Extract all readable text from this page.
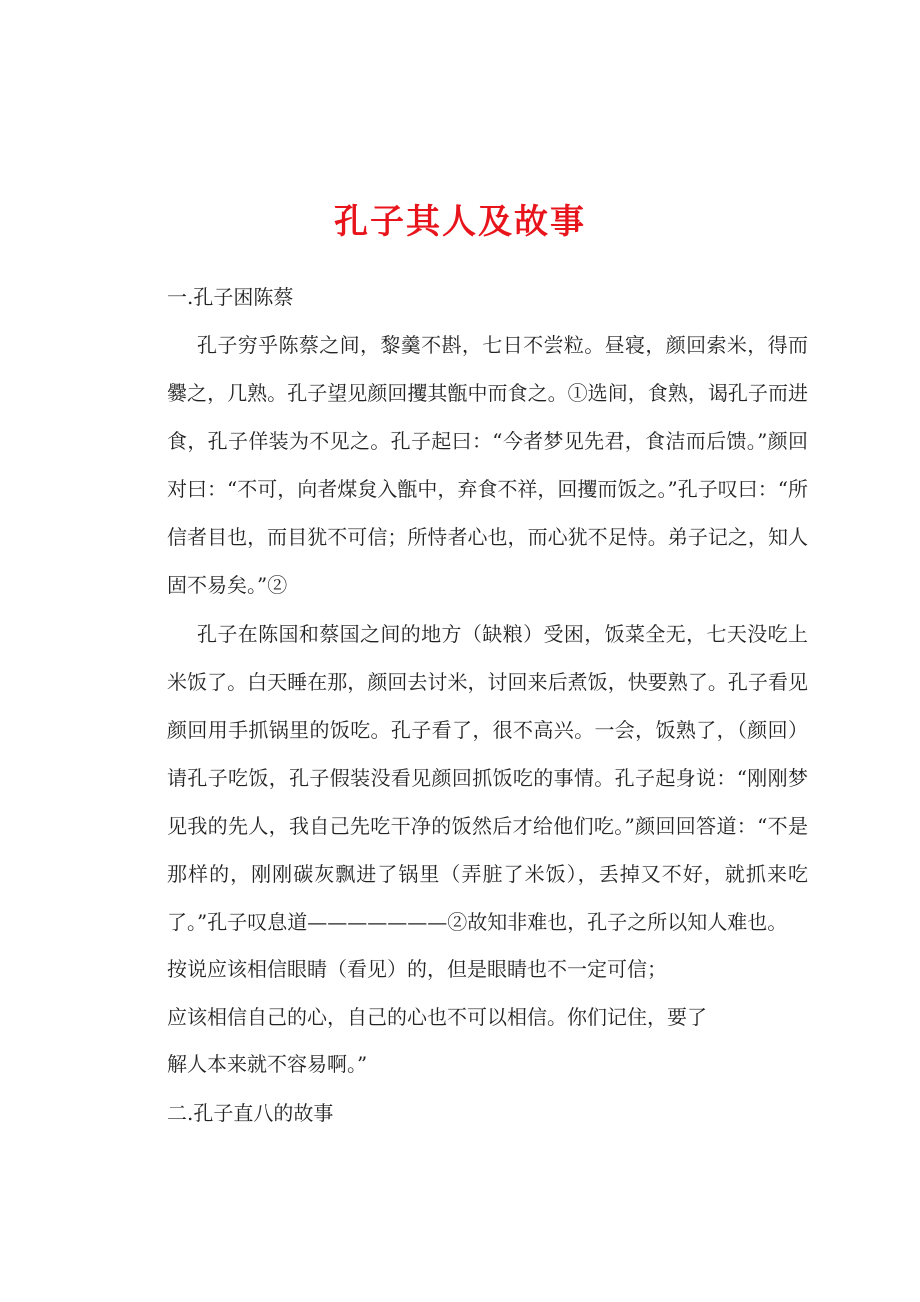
孔子其人及故事
一.孔子困陈蔡
孔子穷乎陈蔡之间，黎羹不斟，七日不尝粒。昼寝，颜回索米，得而
爨之，几熟。孔子望见颜回攫其甑中而食之。①选间，食熟，谒孔子而进
食，孔子佯装为不见之。孔子起曰：“今者梦见先君，食洁而后馈。”颜回
对曰：“不可，向者煤炱入甑中，弃食不祥，回攫而饭之。”孔子叹曰：“所
信者目也，而目犹不可信；所恃者心也，而心犹不足恃。弟子记之，知人
固不易矣。”②
孔子在陈国和蔡国之间的地方（缺粮）受困，饭菜全无，七天没吃上
米饭了。白天睡在那，颜回去讨米，讨回来后煮饭，快要熟了。孔子看见
颜回用手抓锅里的饭吃。孔子看了，很不高兴。一会，饭熟了，（颜回）
请孔子吃饭，孔子假装没看见颜回抓饭吃的事情。孔子起身说：“刚刚梦
见我的先人，我自己先吃干净的饭然后才给他们吃。”颜回回答道：“不是
那样的，刚刚碳灰飘进了锅里（弄脏了米饭），丢掉又不好，就抓来吃
了。”孔子叹息道———————②故知非难也，孔子之所以知人难也。
按说应该相信眼睛（看见）的，但是眼睛也不一定可信；
应该相信自己的心，自己的心也不可以相信。你们记住，要了
解人本来就不容易啊。”
二.孔子直八的故事
